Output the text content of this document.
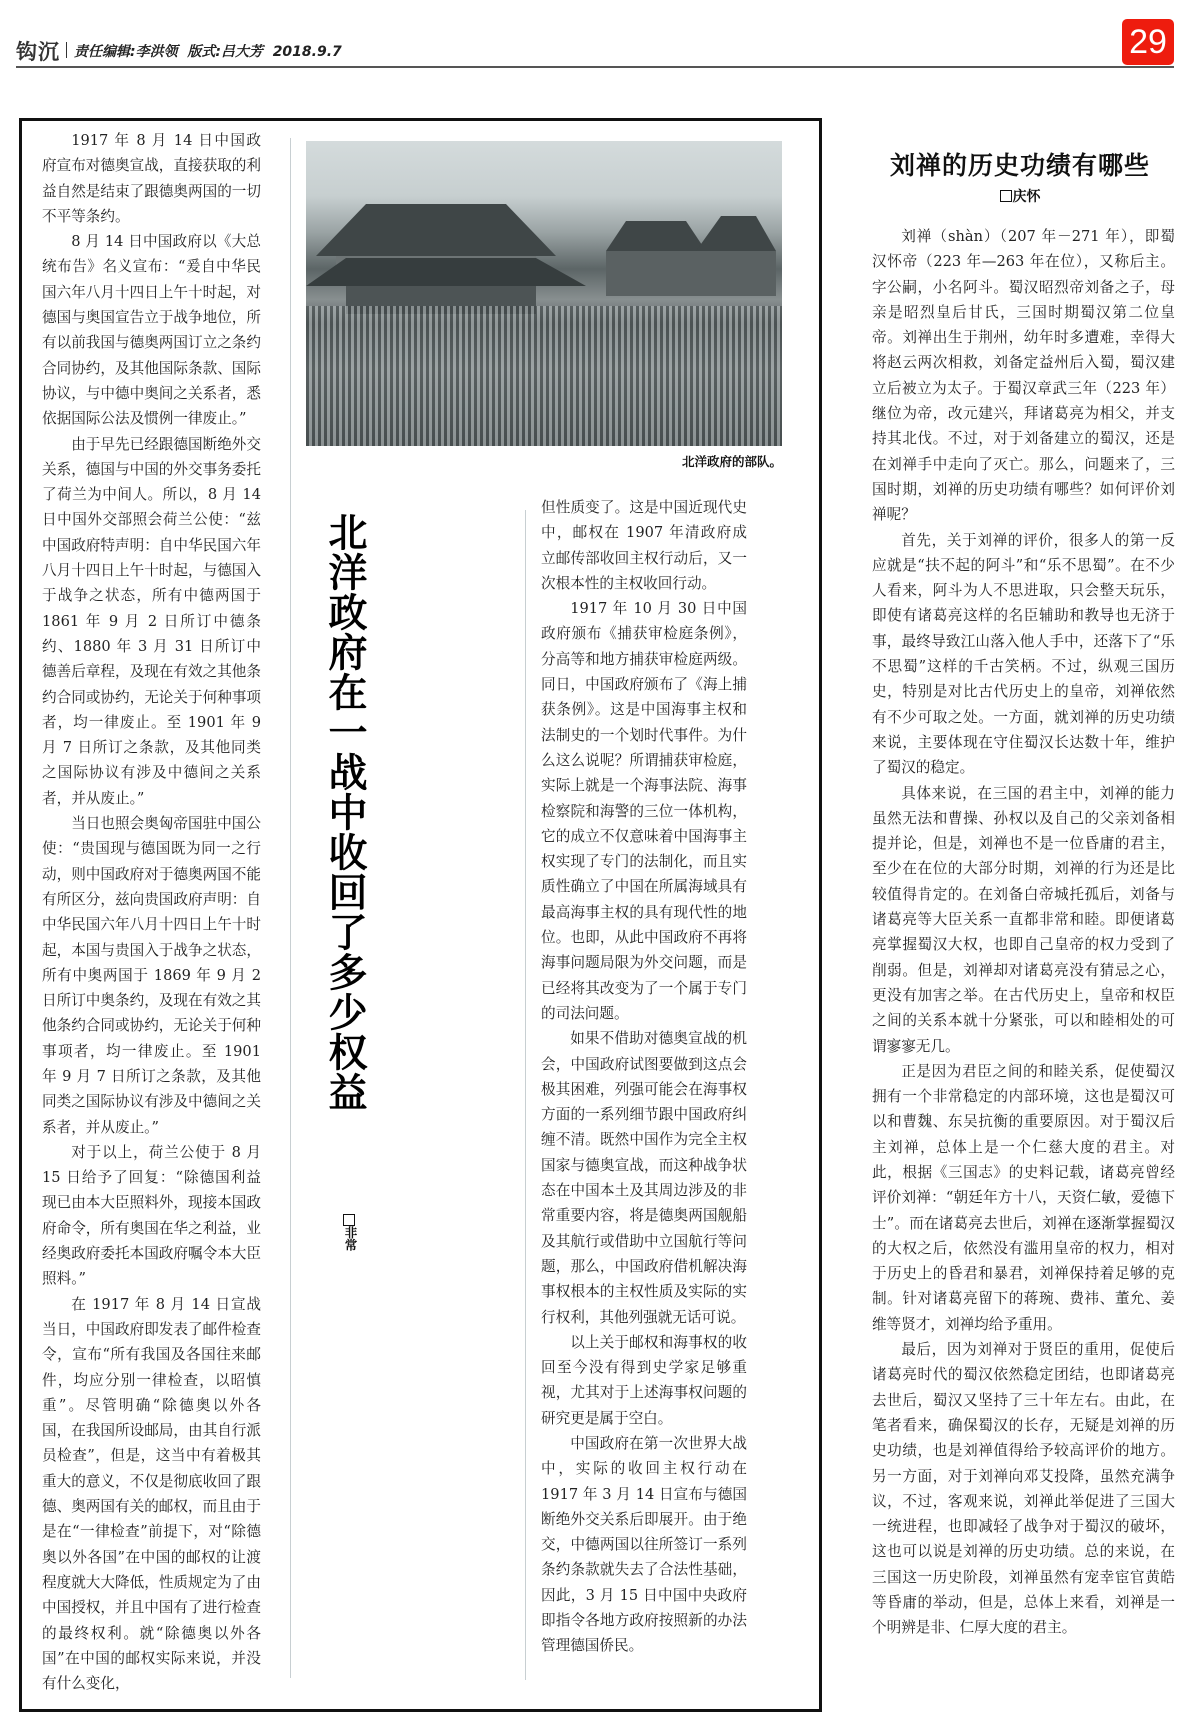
钩沉 责任编辑:李洪领  版式:吕大芳  2018.9.7	29

1917 年 8 月 14 日中国政府宣布对德奥宣战，直接获取的利益自然是结束了跟德奥两国的一切不平等条约。

8 月 14 日中国政府以《大总统布告》名义宣布：“爰自中华民国六年八月十四日上午十时起，对德国与奥国宣告立于战争地位，所有以前我国与德奥两国订立之条约合同协约，及其他国际条款、国际协议，与中德中奥间之关系者，悉依据国际公法及惯例一律废止。”

由于早先已经跟德国断绝外交关系，德国与中国的外交事务委托了荷兰为中间人。所以，8 月 14 日中国外交部照会荷兰公使：“兹中国政府特声明：自中华民国六年八月十四日上午十时起，与德国入于战争之状态，所有中德两国于 1861 年 9 月 2 日所订中德条约、1880 年 3 月 31 日所订中德善后章程，及现在有效之其他条约合同或协约，无论关于何种事项者，均一律废止。至 1901 年 9 月 7 日所订之条款，及其他同类之国际协议有涉及中德间之关系者，并从废止。”

当日也照会奥匈帝国驻中国公使：“贵国现与德国既为同一之行动，则中国政府对于德奥两国不能有所区分，兹向贵国政府声明：自中华民国六年八月十四日上午十时起，本国与贵国入于战争之状态，所有中奥两国于 1869 年 9 月 2 日所订中奥条约，及现在有效之其他条约合同或协约，无论关于何种事项者，均一律废止。至 1901 年 9 月 7 日所订之条款，及其他同类之国际协议有涉及中德间之关系者，并从废止。”

对于以上，荷兰公使于 8 月 15 日给予了回复：“除德国利益现已由本大臣照料外，现接本国政府命令，所有奥国在华之利益，业经奥政府委托本国政府嘱令本大臣照料。”

在 1917 年 8 月 14 日宣战当日，中国政府即发表了邮件检查令，宣布“所有我国及各国往来邮件，均应分别一律检查，以昭慎重”。尽管明确“除德奥以外各国，在我国所设邮局，由其自行派员检查”，但是，这当中有着极其重大的意义，不仅是彻底收回了跟德、奥两国有关的邮权，而且由于是在“一律检查”前提下，对“除德奥以外各国”在中国的邮权的让渡程度就大大降低，性质规定为了由中国授权，并且中国有了进行检查的最终权利。就“除德奥以外各国”在中国的邮权实际来说，并没有什么变化，

北洋政府的部队。
北洋政府在一战中收回了多少权益
非常

但性质变了。这是中国近现代史中，邮权在 1907 年清政府成立邮传部收回主权行动后，又一次根本性的主权收回行动。

1917 年 10 月 30 日中国政府颁布《捕获审检庭条例》，分高等和地方捕获审检庭两级。同日，中国政府颁布了《海上捕获条例》。这是中国海事主权和法制史的一个划时代事件。为什么这么说呢？所谓捕获审检庭，实际上就是一个海事法院、海事检察院和海警的三位一体机构，它的成立不仅意味着中国海事主权实现了专门的法制化，而且实质性确立了中国在所属海域具有最高海事主权的具有现代性的地位。也即，从此中国政府不再将海事问题局限为外交问题，而是已经将其改变为了一个属于专门的司法问题。

如果不借助对德奥宣战的机会，中国政府试图要做到这点会极其困难，列强可能会在海事权方面的一系列细节跟中国政府纠缠不清。既然中国作为完全主权国家与德奥宣战，而这种战争状态在中国本土及其周边涉及的非常重要内容，将是德奥两国舰船及其航行或借助中立国航行等问题，那么，中国政府借机解决海事权根本的主权性质及实际的实行权利，其他列强就无话可说。

以上关于邮权和海事权的收回至今没有得到史学家足够重视，尤其对于上述海事权问题的研究更是属于空白。

中国政府在第一次世界大战中，实际的收回主权行动在 1917 年 3 月 14 日宣布与德国断绝外交关系后即展开。由于绝交，中德两国以往所签订一系列条约条款就失去了合法性基础，因此，3 月 15 日中国中央政府即指令各地方政府按照新的办法管理德国侨民。

刘禅的历史功绩有哪些
庆怀

刘禅（shàn）（207 年－271 年），即蜀汉怀帝（223 年—263 年在位），又称后主。字公嗣，小名阿斗。蜀汉昭烈帝刘备之子，母亲是昭烈皇后甘氏，三国时期蜀汉第二位皇帝。刘禅出生于荆州，幼年时多遭难，幸得大将赵云两次相救，刘备定益州后入蜀，蜀汉建立后被立为太子。于蜀汉章武三年（223 年）继位为帝，改元建兴，拜诸葛亮为相父，并支持其北伐。不过，对于刘备建立的蜀汉，还是在刘禅手中走向了灭亡。那么，问题来了，三国时期，刘禅的历史功绩有哪些？如何评价刘禅呢？

首先，关于刘禅的评价，很多人的第一反应就是“扶不起的阿斗”和“乐不思蜀”。在不少人看来，阿斗为人不思进取，只会整天玩乐，即使有诸葛亮这样的名臣辅助和教导也无济于事，最终导致江山落入他人手中，还落下了“乐不思蜀”这样的千古笑柄。不过，纵观三国历史，特别是对比古代历史上的皇帝，刘禅依然有不少可取之处。一方面，就刘禅的历史功绩来说，主要体现在守住蜀汉长达数十年，维护了蜀汉的稳定。

具体来说，在三国的君主中，刘禅的能力虽然无法和曹操、孙权以及自己的父亲刘备相提并论，但是，刘禅也不是一位昏庸的君主，至少在在位的大部分时期，刘禅的行为还是比较值得肯定的。在刘备白帝城托孤后，刘备与诸葛亮等大臣关系一直都非常和睦。即便诸葛亮掌握蜀汉大权，也即自己皇帝的权力受到了削弱。但是，刘禅却对诸葛亮没有猜忌之心，更没有加害之举。在古代历史上，皇帝和权臣之间的关系本就十分紧张，可以和睦相处的可谓寥寥无几。

正是因为君臣之间的和睦关系，促使蜀汉拥有一个非常稳定的内部环境，这也是蜀汉可以和曹魏、东吴抗衡的重要原因。对于蜀汉后主刘禅，总体上是一个仁慈大度的君主。对此，根据《三国志》的史料记载，诸葛亮曾经评价刘禅：“朝廷年方十八，天资仁敏，爱德下士”。而在诸葛亮去世后，刘禅在逐渐掌握蜀汉的大权之后，依然没有滥用皇帝的权力，相对于历史上的昏君和暴君，刘禅保持着足够的克制。针对诸葛亮留下的蒋琬、费祎、董允、姜维等贤才，刘禅均给予重用。

最后，因为刘禅对于贤臣的重用，促使后诸葛亮时代的蜀汉依然稳定团结，也即诸葛亮去世后，蜀汉又坚持了三十年左右。由此，在笔者看来，确保蜀汉的长存，无疑是刘禅的历史功绩，也是刘禅值得给予较高评价的地方。另一方面，对于刘禅向邓艾投降，虽然充满争议，不过，客观来说，刘禅此举促进了三国大一统进程，也即减轻了战争对于蜀汉的破坏，这也可以说是刘禅的历史功绩。总的来说，在三国这一历史阶段，刘禅虽然有宠幸宦官黄皓等昏庸的举动，但是，总体上来看，刘禅是一个明辨是非、仁厚大度的君主。
